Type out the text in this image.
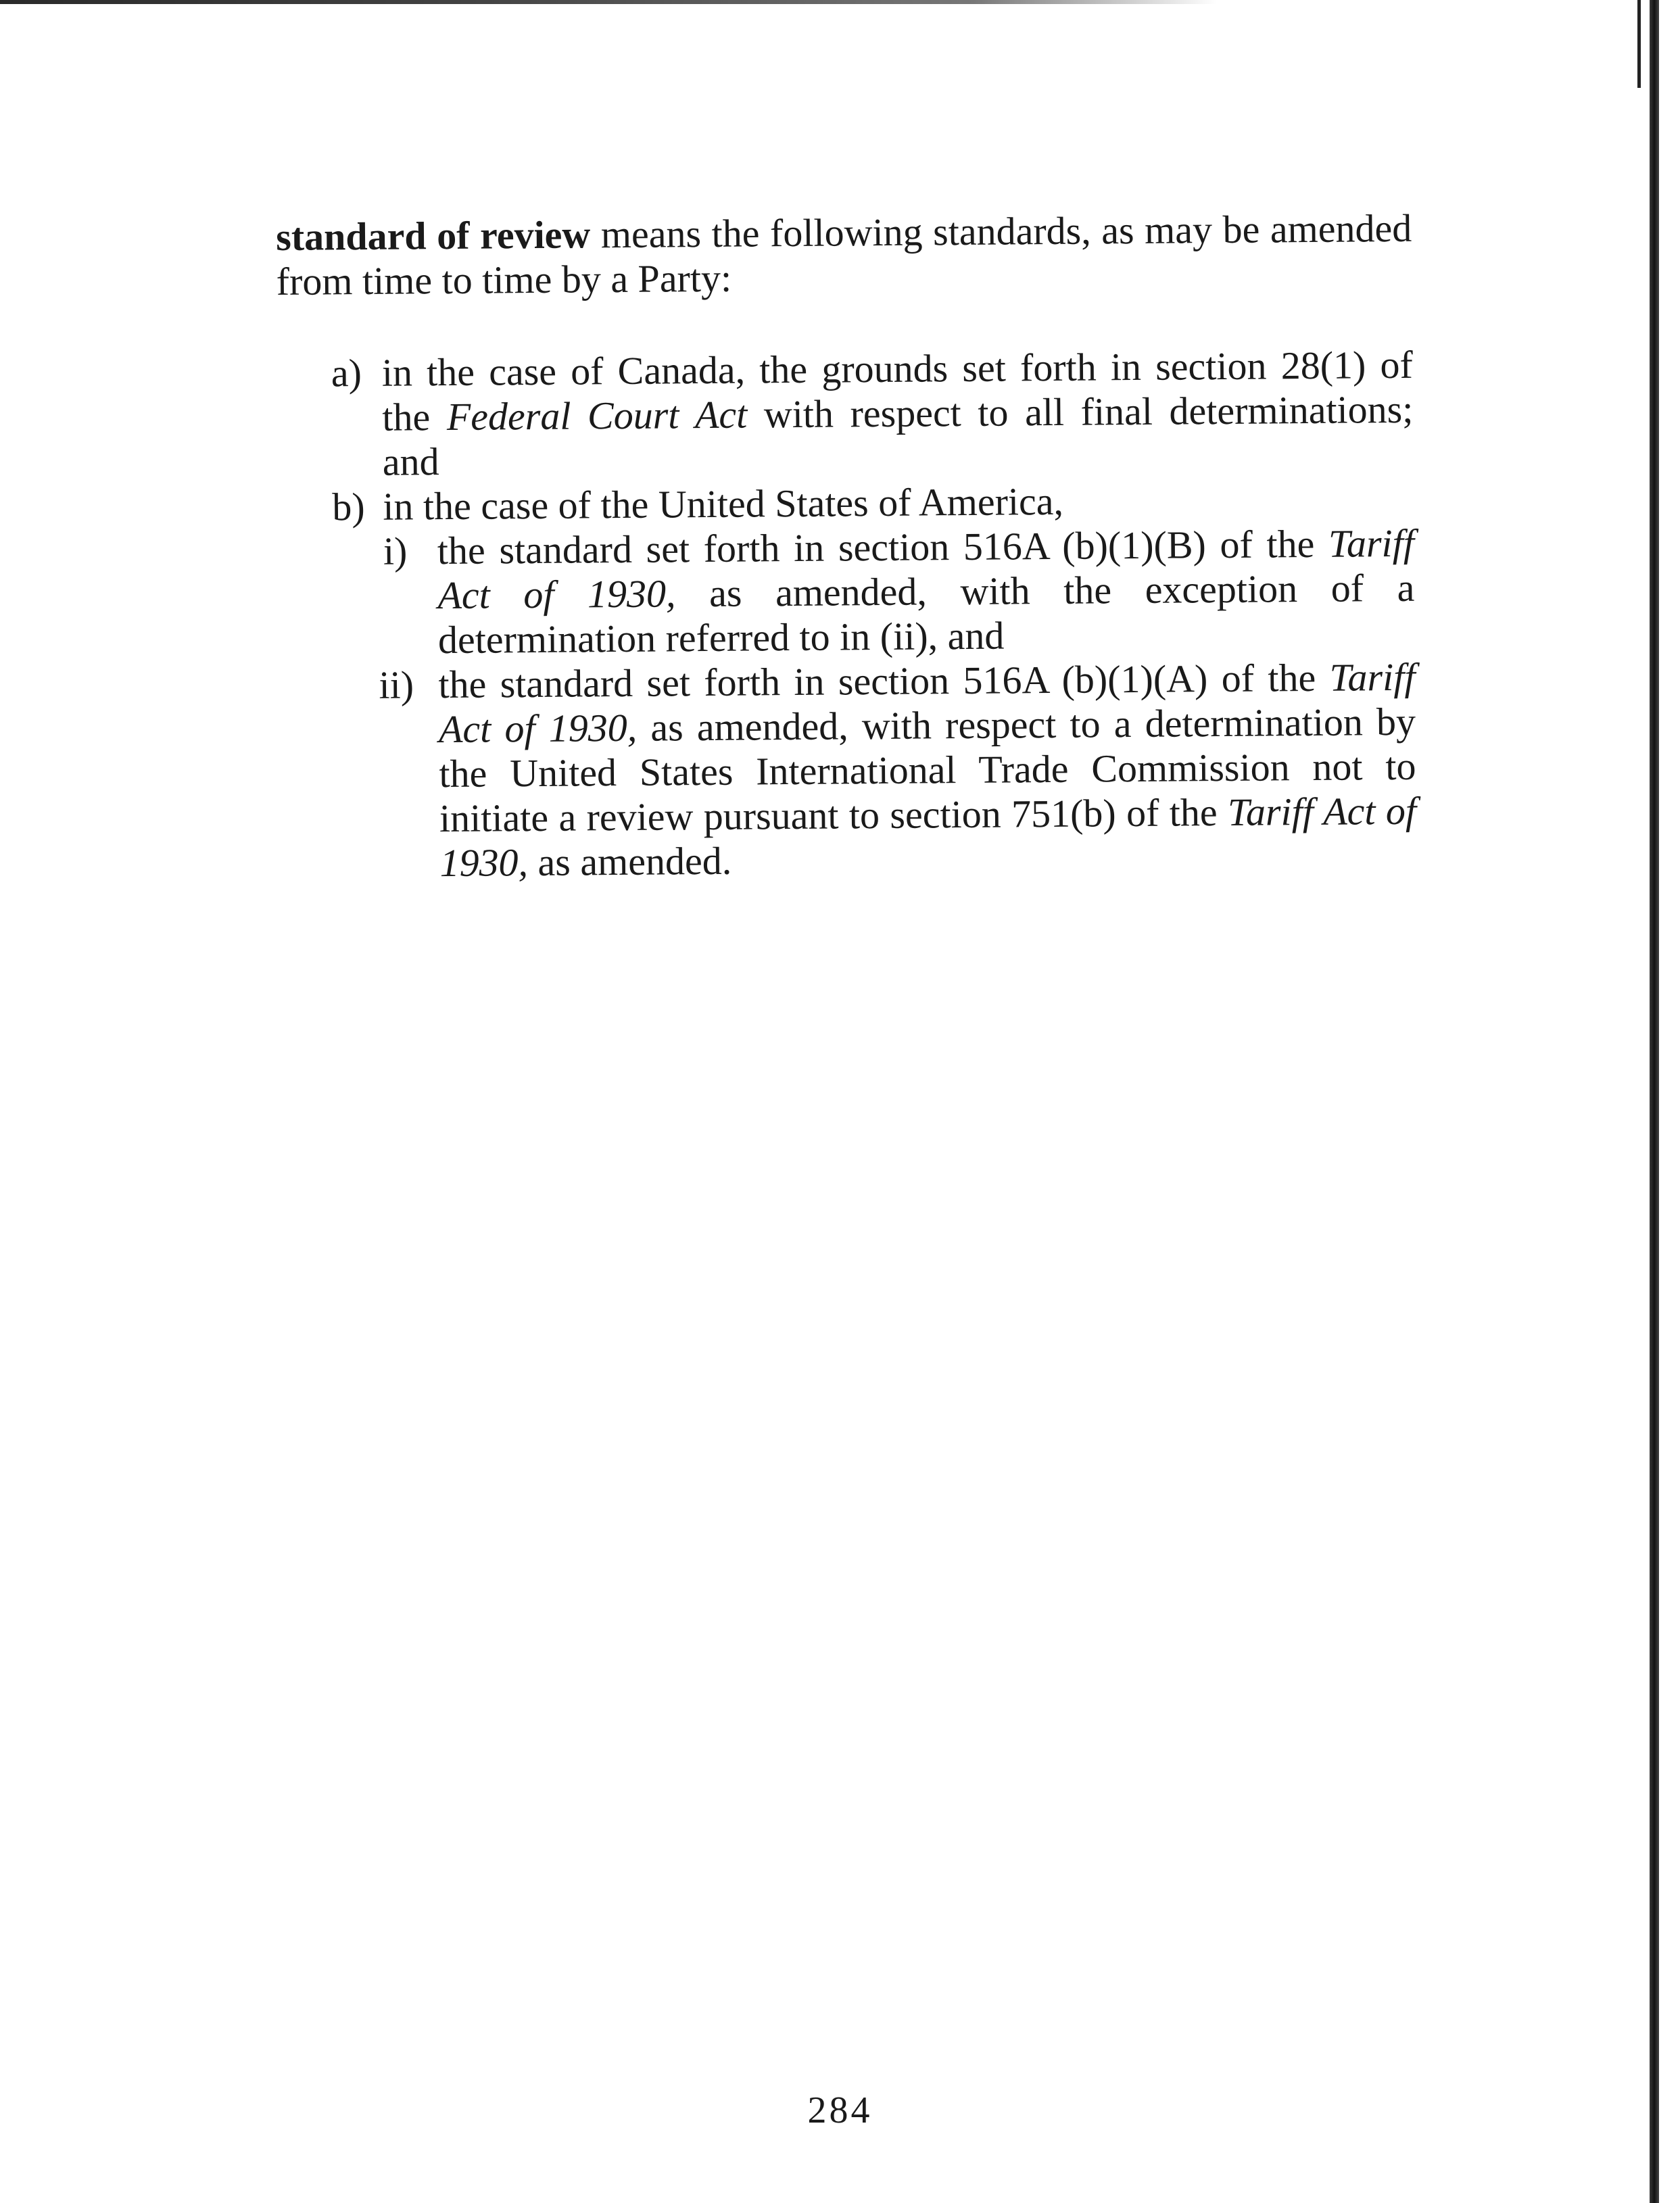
standard of review means the following standards, as may be amended from time to time by a Party:

a) in the case of Canada, the grounds set forth in section 28(1) of the Federal Court Act with respect to all final determinations; and
b) in the case of the United States of America,
i) the standard set forth in section 516A (b)(1)(B) of the Tariff Act of 1930, as amended, with the exception of a determination referred to in (ii), and
ii) the standard set forth in section 516A (b)(1)(A) of the Tariff Act of 1930, as amended, with respect to a determination by the United States International Trade Commission not to initiate a review pursuant to section 751(b) of the Tariff Act of 1930, as amended.
284
